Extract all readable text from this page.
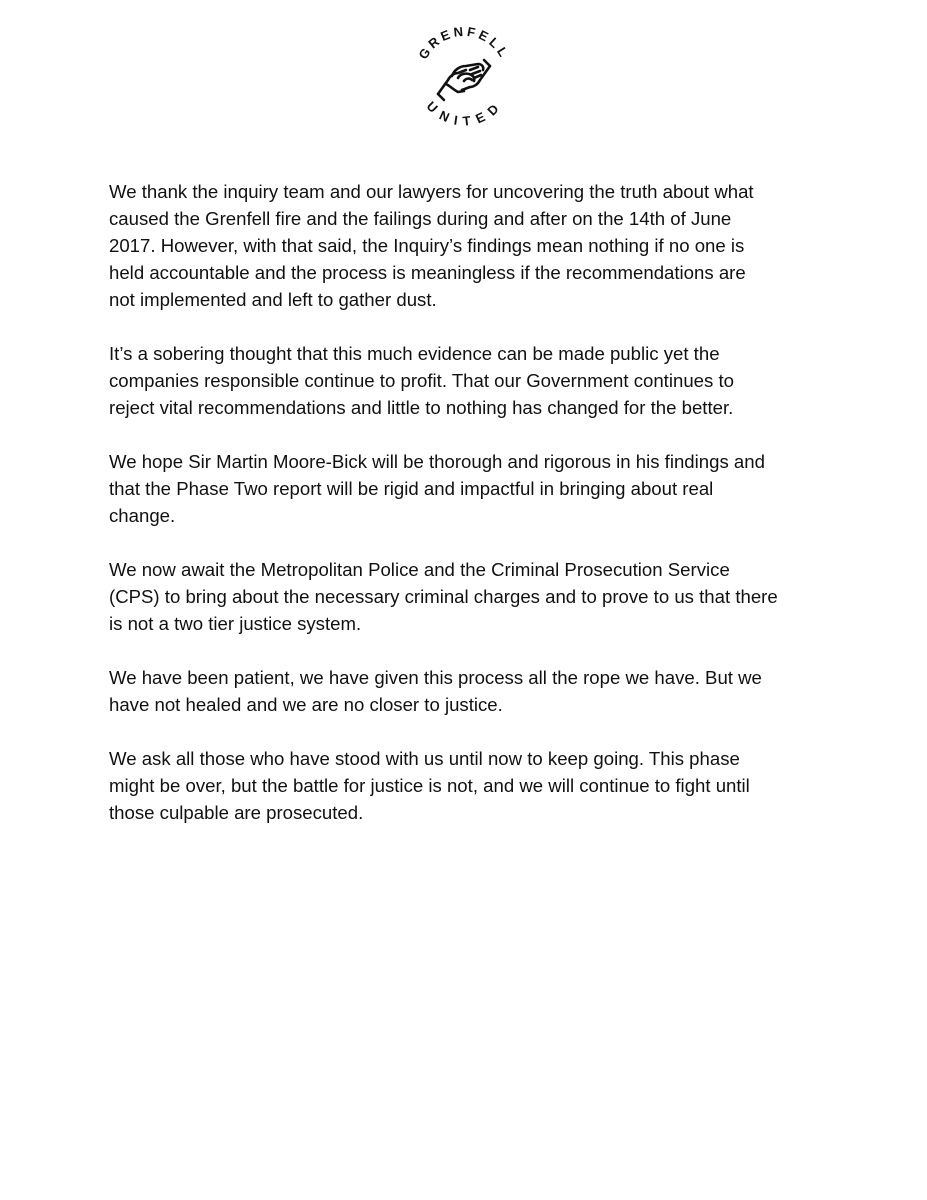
GRENFELL
UNITED

We thank the inquiry team and our lawyers for uncovering the truth about what
caused the Grenfell fire and the failings during and after on the 14th of June
2017. However, with that said, the Inquiry’s findings mean nothing if no one is
held accountable and the process is meaningless if the recommendations are
not implemented and left to gather dust.

It’s a sobering thought that this much evidence can be made public yet the
companies responsible continue to profit. That our Government continues to
reject vital recommendations and little to nothing has changed for the better.

We hope Sir Martin Moore-Bick will be thorough and rigorous in his findings and
that the Phase Two report will be rigid and impactful in bringing about real
change.

We now await the Metropolitan Police and the Criminal Prosecution Service
(CPS) to bring about the necessary criminal charges and to prove to us that there
is not a two tier justice system.

We have been patient, we have given this process all the rope we have. But we
have not healed and we are no closer to justice.

We ask all those who have stood with us until now to keep going. This phase
might be over, but the battle for justice is not, and we will continue to fight until
those culpable are prosecuted.
